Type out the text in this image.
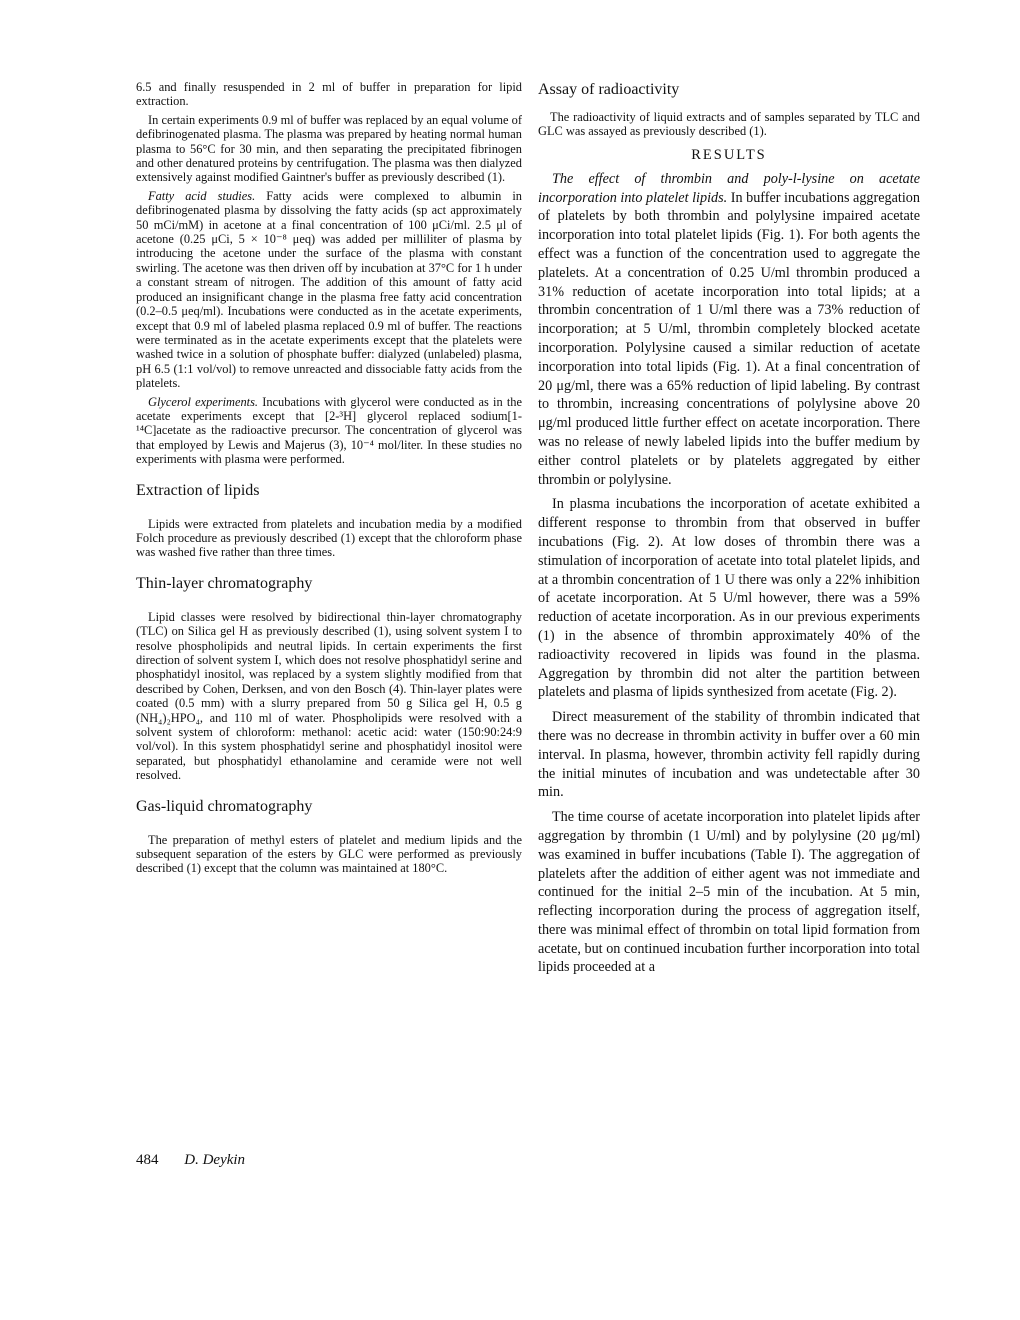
6.5 and finally resuspended in 2 ml of buffer in preparation for lipid extraction.

In certain experiments 0.9 ml of buffer was replaced by an equal volume of defibrinogenated plasma. The plasma was prepared by heating normal human plasma to 56°C for 30 min, and then separating the precipitated fibrinogen and other denatured proteins by centrifugation. The plasma was then dialyzed extensively against modified Gaintner's buffer as previously described (1).

Fatty acid studies. Fatty acids were complexed to albumin in defibrinogenated plasma by dissolving the fatty acids (sp act approximately 50 mCi/mM) in acetone at a final concentration of 100 μCi/ml. 2.5 μl of acetone (0.25 μCi, 5 × 10⁻⁸ μeq) was added per milliliter of plasma by introducing the acetone under the surface of the plasma with constant swirling. The acetone was then driven off by incubation at 37°C for 1 h under a constant stream of nitrogen. The addition of this amount of fatty acid produced an insignificant change in the plasma free fatty acid concentration (0.2–0.5 μeq/ml). Incubations were conducted as in the acetate experiments, except that 0.9 ml of labeled plasma replaced 0.9 ml of buffer. The reactions were terminated as in the acetate experiments except that the platelets were washed twice in a solution of phosphate buffer: dialyzed (unlabeled) plasma, pH 6.5 (1:1 vol/vol) to remove unreacted and dissociable fatty acids from the platelets.

Glycerol experiments. Incubations with glycerol were conducted as in the acetate experiments except that [2-³H] glycerol replaced sodium[1-¹⁴C]acetate as the radioactive precursor. The concentration of glycerol was that employed by Lewis and Majerus (3), 10⁻⁴ mol/liter. In these studies no experiments with plasma were performed.

Extraction of lipids

Lipids were extracted from platelets and incubation media by a modified Folch procedure as previously described (1) except that the chloroform phase was washed five rather than three times.

Thin-layer chromatography

Lipid classes were resolved by bidirectional thin-layer chromatography (TLC) on Silica gel H as previously described (1), using solvent system I to resolve phospholipids and neutral lipids. In certain experiments the first direction of solvent system I, which does not resolve phosphatidyl serine and phosphatidyl inositol, was replaced by a system slightly modified from that described by Cohen, Derksen, and von den Bosch (4). Thin-layer plates were coated (0.5 mm) with a slurry prepared from 50 g Silica gel H, 0.5 g (NH₄)₂HPO₄, and 110 ml of water. Phospholipids were resolved with a solvent system of chloroform: methanol: acetic acid: water (150:90:24:9 vol/vol). In this system phosphatidyl serine and phosphatidyl inositol were separated, but phosphatidyl ethanolamine and ceramide were not well resolved.

Gas-liquid chromatography

The preparation of methyl esters of platelet and medium lipids and the subsequent separation of the esters by GLC were performed as previously described (1) except that the column was maintained at 180°C.

Assay of radioactivity

The radioactivity of liquid extracts and of samples separated by TLC and GLC was assayed as previously described (1).

RESULTS

The effect of thrombin and poly-l-lysine on acetate incorporation into platelet lipids. In buffer incubations aggregation of platelets by both thrombin and polylysine impaired acetate incorporation into total platelet lipids (Fig. 1). For both agents the effect was a function of the concentration used to aggregate the platelets. At a concentration of 0.25 U/ml thrombin produced a 31% reduction of acetate incorporation into total lipids; at a thrombin concentration of 1 U/ml there was a 73% reduction of incorporation; at 5 U/ml, thrombin completely blocked acetate incorporation. Polylysine caused a similar reduction of acetate incorporation into total lipids (Fig. 1). At a final concentration of 20 μg/ml, there was a 65% reduction of lipid labeling. By contrast to thrombin, increasing concentrations of polylysine above 20 μg/ml produced little further effect on acetate incorporation. There was no release of newly labeled lipids into the buffer medium by either control platelets or by platelets aggregated by either thrombin or polylysine.

In plasma incubations the incorporation of acetate exhibited a different response to thrombin from that observed in buffer incubations (Fig. 2). At low doses of thrombin there was a stimulation of incorporation of acetate into total platelet lipids, and at a thrombin concentration of 1 U there was only a 22% inhibition of acetate incorporation. At 5 U/ml however, there was a 59% reduction of acetate incorporation. As in our previous experiments (1) in the absence of thrombin approximately 40% of the radioactivity recovered in lipids was found in the plasma. Aggregation by thrombin did not alter the partition between platelets and plasma of lipids synthesized from acetate (Fig. 2).

Direct measurement of the stability of thrombin indicated that there was no decrease in thrombin activity in buffer over a 60 min interval. In plasma, however, thrombin activity fell rapidly during the initial minutes of incubation and was undetectable after 30 min.

The time course of acetate incorporation into platelet lipids after aggregation by thrombin (1 U/ml) and by polylysine (20 μg/ml) was examined in buffer incubations (Table I). The aggregation of platelets after the addition of either agent was not immediate and continued for the initial 2–5 min of the incubation. At 5 min, reflecting incorporation during the process of aggregation itself, there was minimal effect of thrombin on total lipid formation from acetate, but on continued incubation further incorporation into total lipids proceeded at a

484 D. Deykin
